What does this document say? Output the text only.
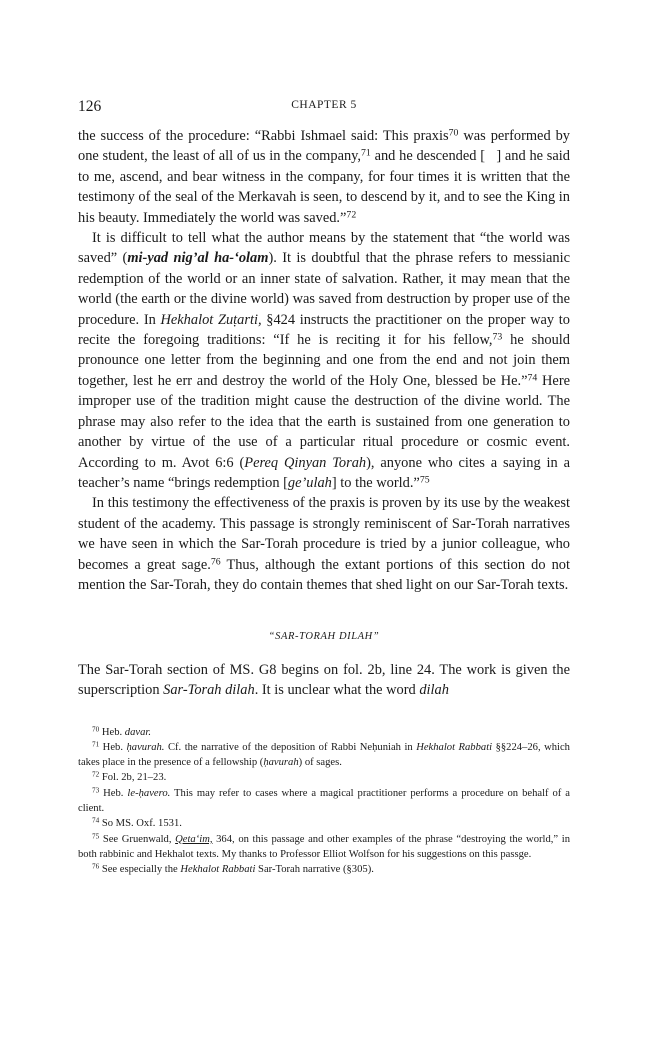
126	CHAPTER 5

the success of the procedure: “Rabbi Ishmael said: This praxis$^{70}$ was performed by one student, the least of all of us in the company,$^{71}$ and he descended [   ] and he said to me, ascend, and bear witness in the company, for four times it is written that the testimony of the seal of the Merkavah is seen, to descend by it, and to see the King in his beauty. Immediately the world was saved.”$^{72}$

It is difficult to tell what the author means by the statement that “the world was saved” (mi-yad nig’al ha-‘olam). It is doubtful that the phrase refers to messianic redemption of the world or an inner state of salvation. Rather, it may mean that the world (the earth or the divine world) was saved from destruction by proper use of the procedure. In Hekhalot Zuṭarti, §424 instructs the practitioner on the proper way to recite the foregoing traditions: “If he is reciting it for his fellow,$^{73}$ he should pronounce one letter from the beginning and one from the end and not join them together, lest he err and destroy the world of the Holy One, blessed be He.”$^{74}$ Here improper use of the tradition might cause the destruction of the divine world. The phrase may also refer to the idea that the earth is sustained from one generation to another by virtue of the use of a particular ritual procedure or cosmic event. According to m. Avot 6:6 (Pereq Qinyan Torah), anyone who cites a saying in a teacher’s name “brings redemption [ge’ulah] to the world.”$^{75}$

In this testimony the effectiveness of the praxis is proven by its use by the weakest student of the academy. This passage is strongly reminiscent of Sar-Torah narratives we have seen in which the Sar-Torah procedure is tried by a junior colleague, who becomes a great sage.$^{76}$ Thus, although the extant portions of this section do not mention the Sar-Torah, they do contain themes that shed light on our Sar-Torah texts.

“SAR-TORAH DILAH”

The Sar-Torah section of MS. G8 begins on fol. 2b, line 24. The work is given the superscription Sar-Torah dilah. It is unclear what the word dilah

$^{70}$ Heb. davar.

$^{71}$ Heb. ḥavurah. Cf. the narrative of the deposition of Rabbi Neḥuniah in Hekhalot Rabbati §§224–26, which takes place in the presence of a fellowship (ḥavurah) of sages.

$^{72}$ Fol. 2b, 21–23.

$^{73}$ Heb. le-ḥavero. This may refer to cases where a magical practitioner performs a procedure on behalf of a client.

$^{74}$ So MS. Oxf. 1531.

$^{75}$ See Gruenwald, Qeta‘im, 364, on this passage and other examples of the phrase “destroying the world,” in both rabbinic and Hekhalot texts. My thanks to Professor Elliot Wolfson for his suggestions on this passge.

$^{76}$ See especially the Hekhalot Rabbati Sar-Torah narrative (§305).
